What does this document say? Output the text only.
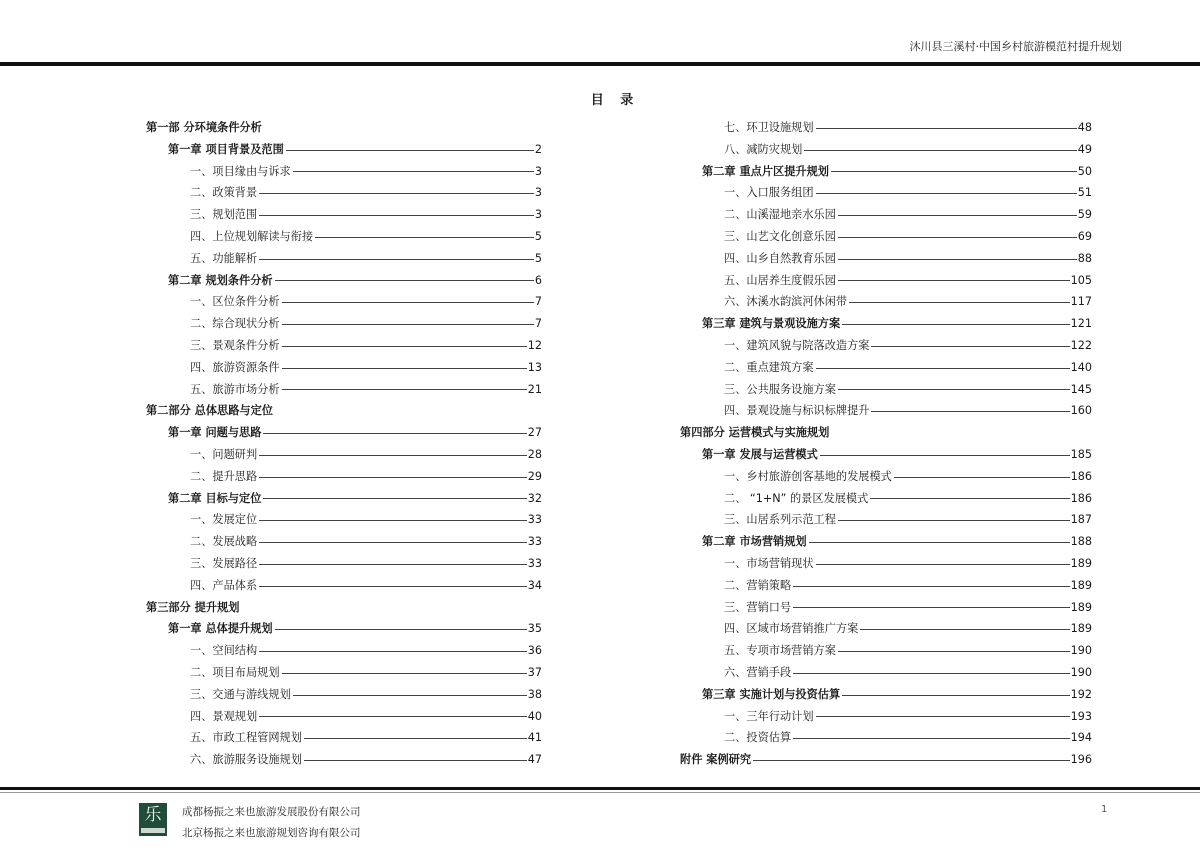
沐川县三溪村·中国乡村旅游模范村提升规划
目 录
第一部 分环境条件分析
第一章 项目背景及范围	2
一、项目缘由与诉求	3
二、政策背景	3
三、规划范围	3
四、上位规划解读与衔接	5
五、功能解析	5
第二章 规划条件分析	6
一、区位条件分析	7
二、综合现状分析	7
三、景观条件分析	12
四、旅游资源条件	13
五、旅游市场分析	21
第二部分 总体思路与定位
第一章 问题与思路	27
一、问题研判	28
二、提升思路	29
第二章 目标与定位	32
一、发展定位	33
二、发展战略	33
三、发展路径	33
四、产品体系	34
第三部分 提升规划
第一章 总体提升规划	35
一、空间结构	36
二、项目布局规划	37
三、交通与游线规划	38
四、景观规划	40
五、市政工程管网规划	41
六、旅游服务设施规划	47
七、环卫设施规划	48
八、减防灾规划	49
第二章 重点片区提升规划	50
一、入口服务组团	51
二、山溪湿地亲水乐园	59
三、山艺文化创意乐园	69
四、山乡自然教育乐园	88
五、山居养生度假乐园	105
六、沐溪水韵滨河休闲带	117
第三章 建筑与景观设施方案	121
一、建筑风貌与院落改造方案	122
二、重点建筑方案	140
三、公共服务设施方案	145
四、景观设施与标识标牌提升	160
第四部分 运营模式与实施规划
第一章 发展与运营模式	185
一、乡村旅游创客基地的发展模式	186
二、 “1+N” 的景区发展模式	186
三、山居系列示范工程	187
第二章 市场营销规划	188
一、市场营销现状	189
二、营销策略	189
三、营销口号	189
四、区域市场营销推广方案	189
五、专项市场营销方案	190
六、营销手段	190
第三章 实施计划与投资估算	192
一、三年行动计划	193
二、投资估算	194
附件 案例研究	196
乐	成都杨振之来也旅游发展股份有限公司
北京杨振之来也旅游规划咨询有限公司
1
